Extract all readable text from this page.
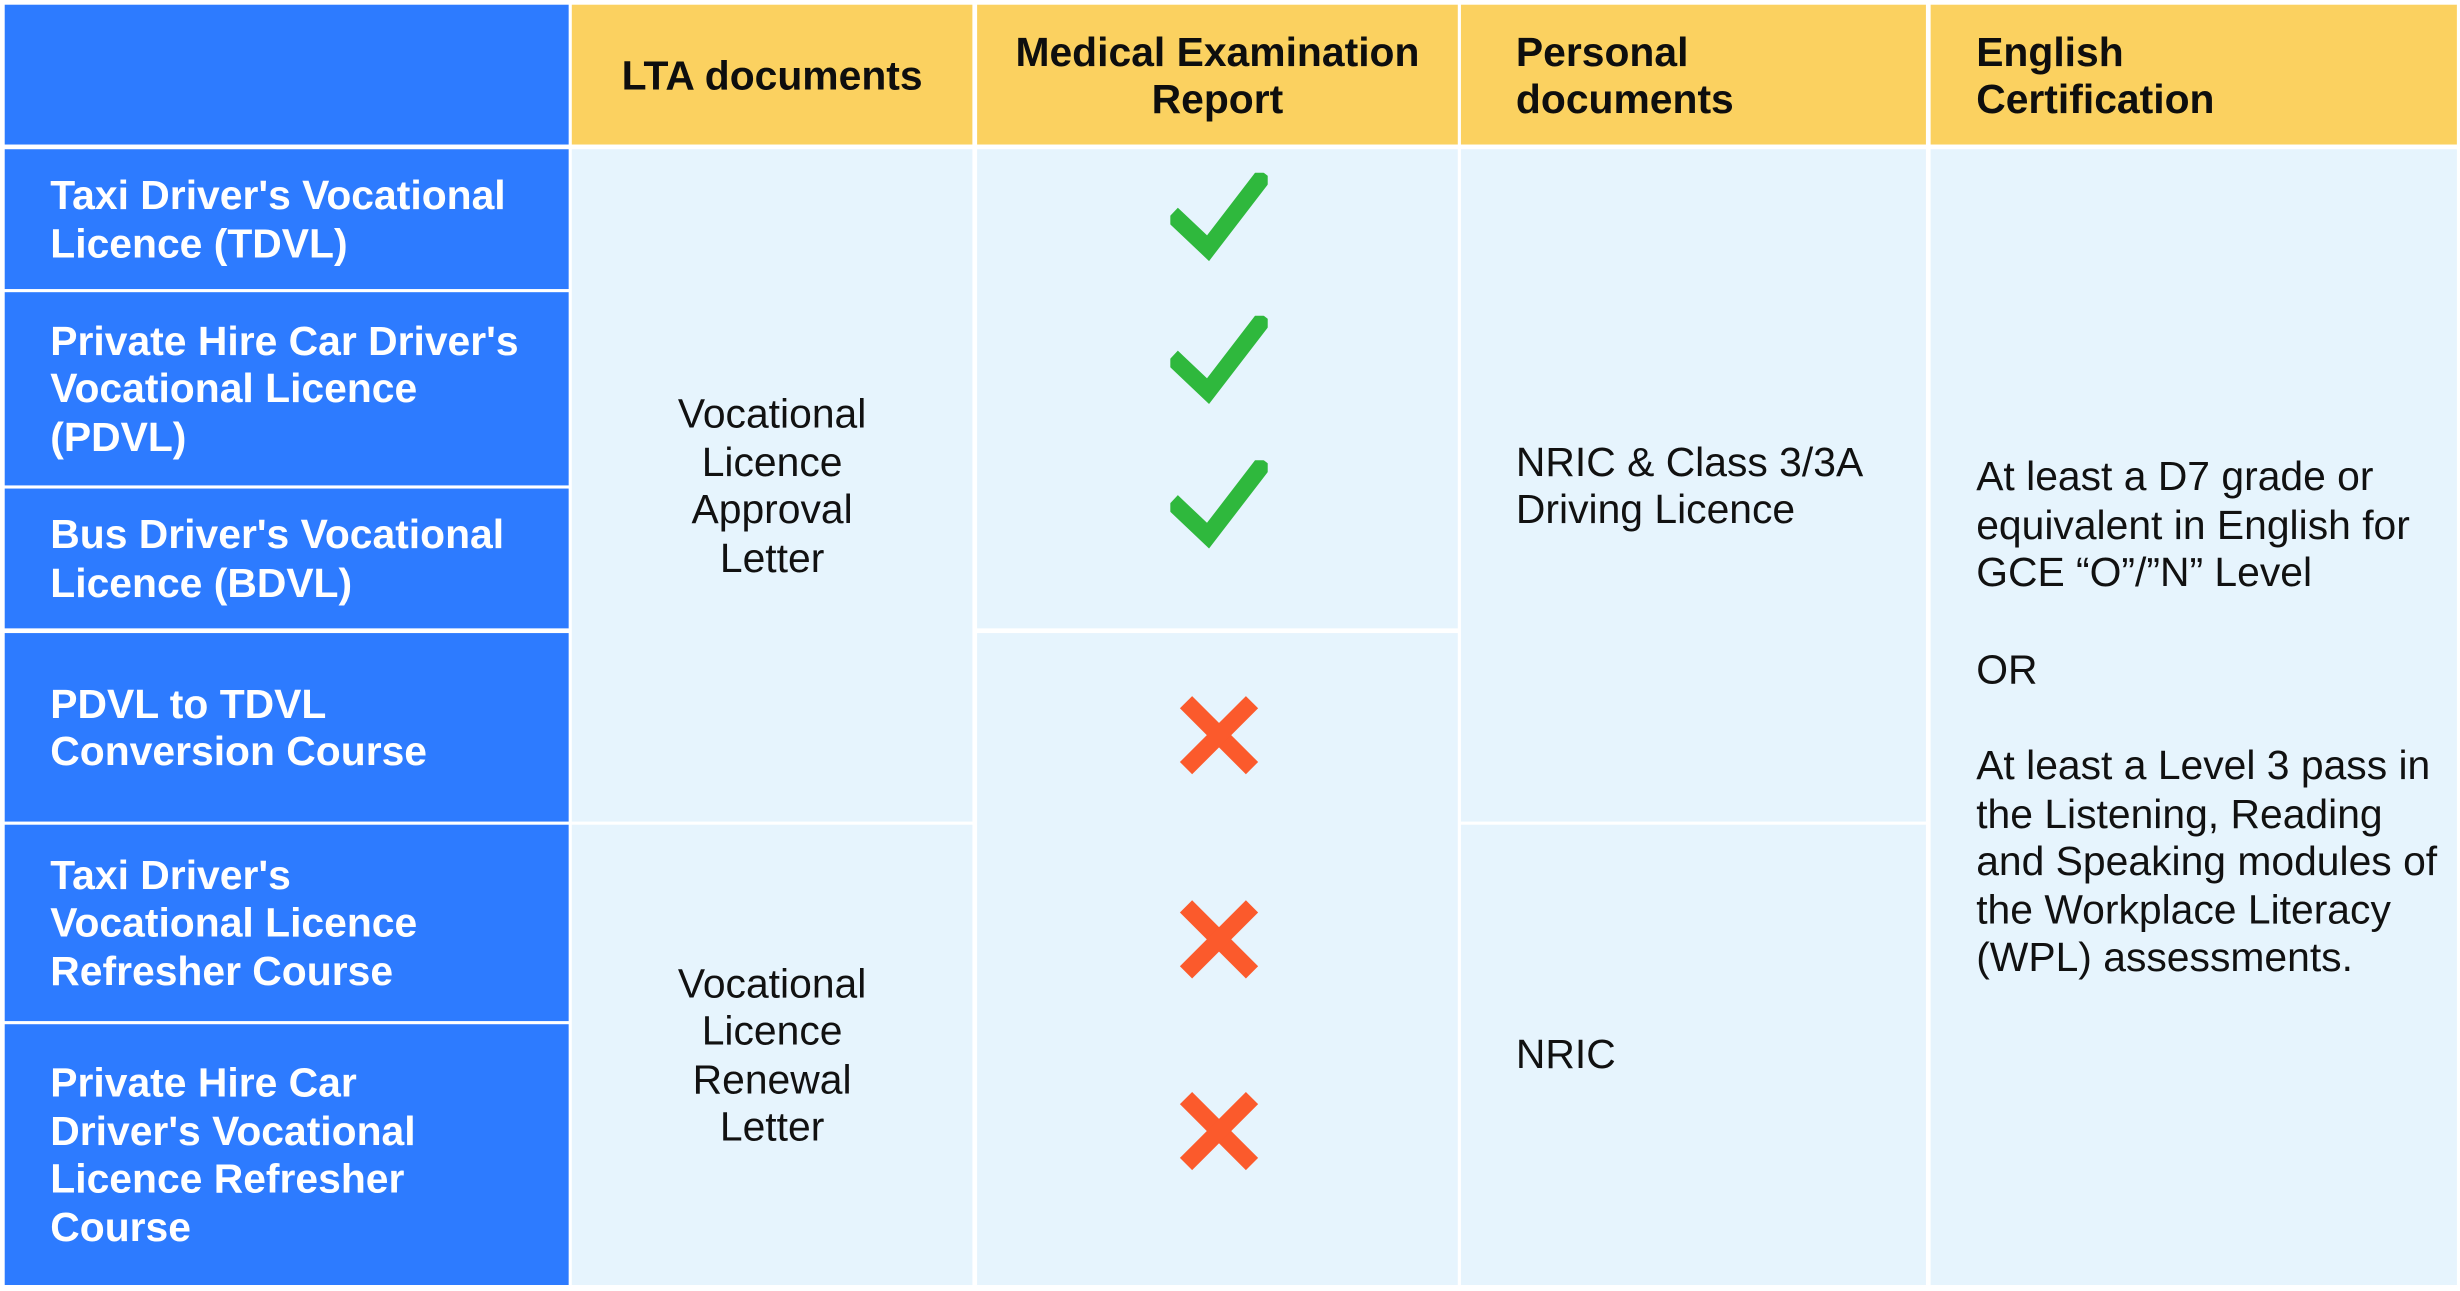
LTA documents	Medical Examination Report
Personal documents
English Certification
Taxi Driver's Vocational Licence (TDVL)
Private Hire Car Driver's Vocational Licence (PDVL)
Bus Driver's Vocational Licence (BDVL)
PDVL to TDVL Conversion Course
Taxi Driver's Vocational Licence Refresher Course
Private Hire Car Driver's Vocational Licence Refresher Course
Vocational Licence Approval Letter
Vocational Licence Renewal Letter
NRIC & Class 3/3A Driving Licence
NRIC
At least a D7 grade or equivalent in English for GCE “O”/”N” Level
OR
At least a Level 3 pass in the Listening, Reading and Speaking modules of the Workplace Literacy (WPL) assessments.
